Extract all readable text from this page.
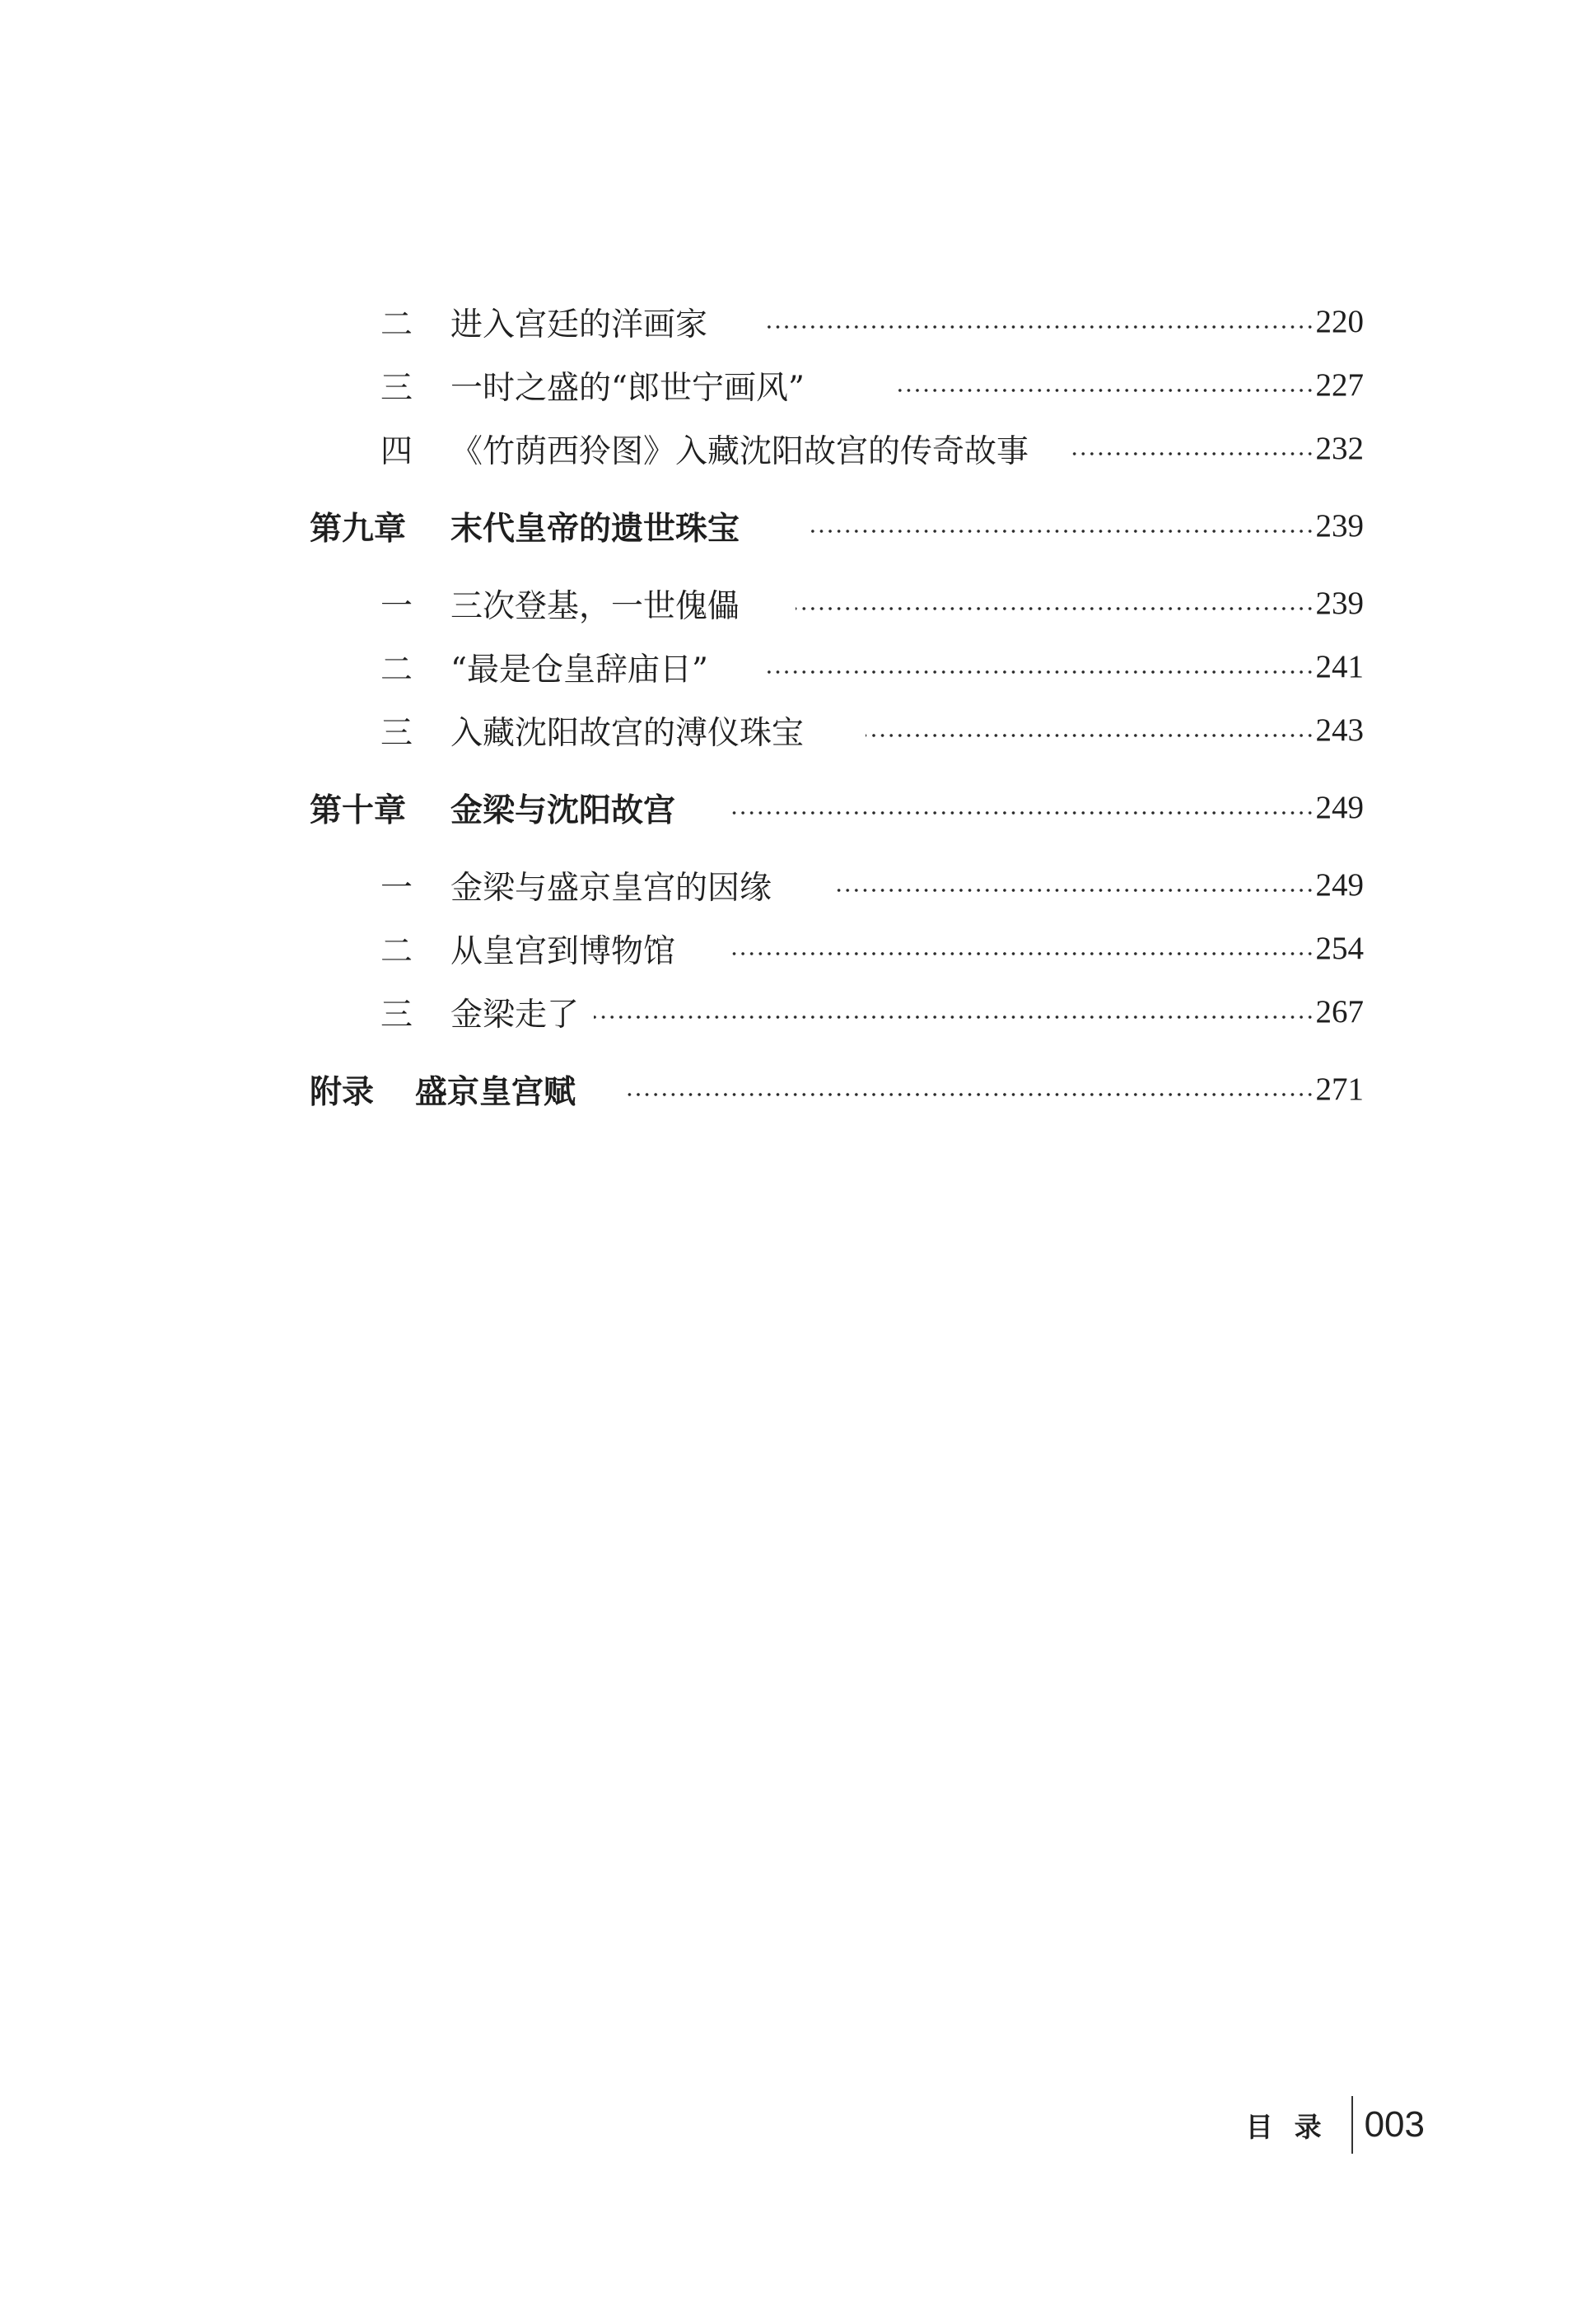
二 进入宫廷的洋画家	220
三 一时之盛的“郎世宁画风”	227
四 《竹荫西狑图》入藏沈阳故宫的传奇故事	232
第九章 末代皇帝的遗世珠宝	239
一 三次登基，一世傀儡	239
二 “最是仓皇辞庙日”	241
三 入藏沈阳故宫的溥仪珠宝	243
第十章 金梁与沈阳故宫	249
一 金梁与盛京皇宫的因缘	249
二 从皇宫到博物馆	254
三 金梁走了	267
附录 盛京皇宫赋	271
目录 003
